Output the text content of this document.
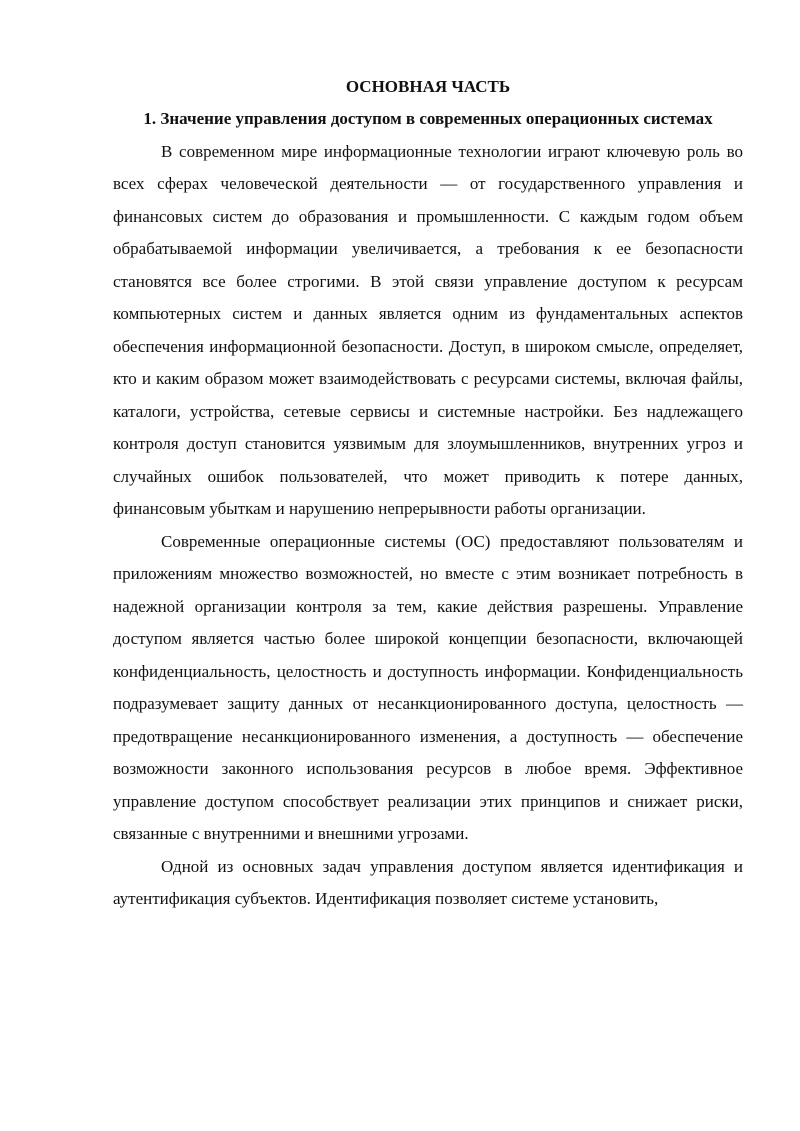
ОСНОВНАЯ ЧАСТЬ

1. Значение управления доступом в современных операционных системах

В современном мире информационные технологии играют ключевую роль во всех сферах человеческой деятельности — от государственного управления и финансовых систем до образования и промышленности. С каждым годом объем обрабатываемой информации увеличивается, а требования к ее безопасности становятся все более строгими. В этой связи управление доступом к ресурсам компьютерных систем и данных является одним из фундаментальных аспектов обеспечения информационной безопасности. Доступ, в широком смысле, определяет, кто и каким образом может взаимодействовать с ресурсами системы, включая файлы, каталоги, устройства, сетевые сервисы и системные настройки. Без надлежащего контроля доступ становится уязвимым для злоумышленников, внутренних угроз и случайных ошибок пользователей, что может приводить к потере данных, финансовым убыткам и нарушению непрерывности работы организации.

Современные операционные системы (ОС) предоставляют пользователям и приложениям множество возможностей, но вместе с этим возникает потребность в надежной организации контроля за тем, какие действия разрешены. Управление доступом является частью более широкой концепции безопасности, включающей конфиденциальность, целостность и доступность информации. Конфиденциальность подразумевает защиту данных от несанкционированного доступа, целостность — предотвращение несанкционированного изменения, а доступность — обеспечение возможности законного использования ресурсов в любое время. Эффективное управление доступом способствует реализации этих принципов и снижает риски, связанные с внутренними и внешними угрозами.

Одной из основных задач управления доступом является идентификация и аутентификация субъектов. Идентификация позволяет системе установить,
